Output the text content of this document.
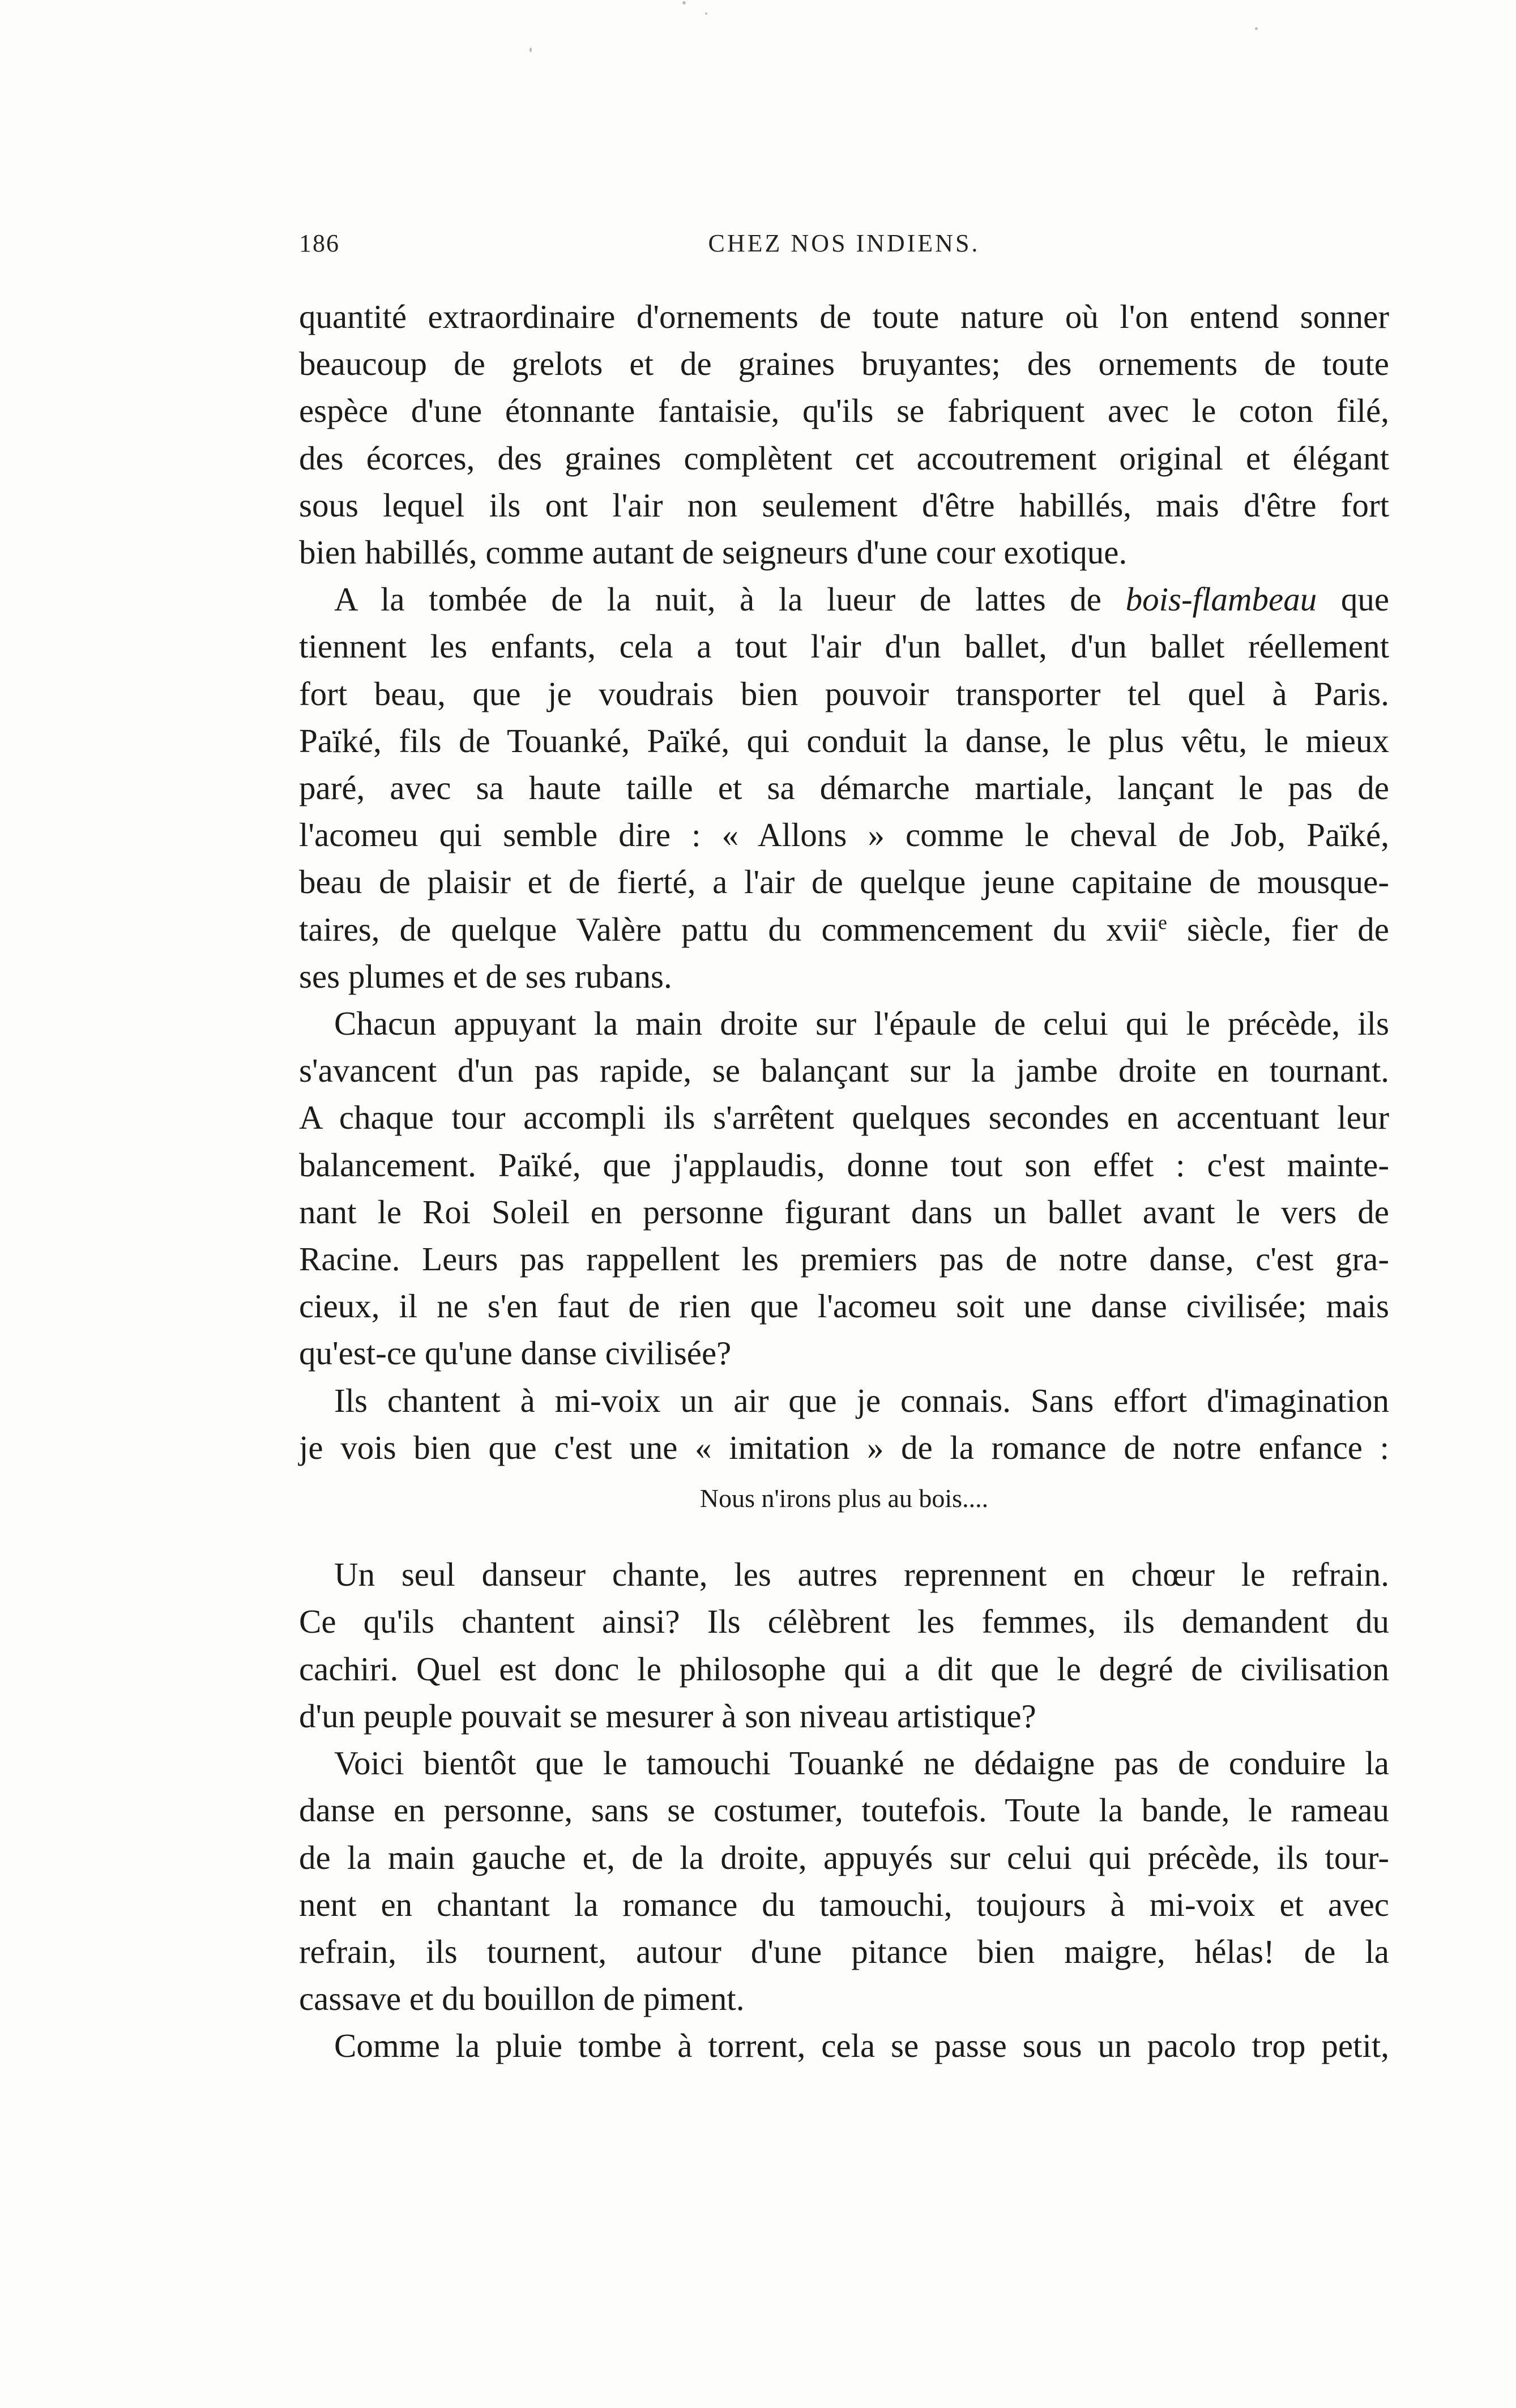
186	CHEZ NOS INDIENS.

quantité extraordinaire d'ornements de toute nature où l'on entend sonner
beaucoup de grelots et de graines bruyantes; des ornements de toute
espèce d'une étonnante fantaisie, qu'ils se fabriquent avec le coton filé,
des écorces, des graines complètent cet accoutrement original et élégant
sous lequel ils ont l'air non seulement d'être habillés, mais d'être fort

bien habillés, comme autant de seigneurs d'une cour exotique.

A la tombée de la nuit, à la lueur de lattes de bois-flambeau que

tiennent les enfants, cela a tout l'air d'un ballet, d'un ballet réellement
fort beau, que je voudrais bien pouvoir transporter tel quel à Paris.
Païké, fils de Touanké, Païké, qui conduit la danse, le plus vêtu, le mieux
paré, avec sa haute taille et sa démarche martiale, lançant le pas de
l'acomeu qui semble dire : « Allons » comme le cheval de Job, Païké,
beau de plaisir et de fierté, a l'air de quelque jeune capitaine de mousque-

taires, de quelque Valère pattu du commencement du xvii$^e$ siècle, fier de

ses plumes et de ses rubans.

Chacun appuyant la main droite sur l'épaule de celui qui le précède, ils

s'avancent d'un pas rapide, se balançant sur la jambe droite en tournant.
A chaque tour accompli ils s'arrêtent quelques secondes en accentuant leur
balancement. Païké, que j'applaudis, donne tout son effet : c'est mainte-
nant le Roi Soleil en personne figurant dans un ballet avant le vers de
Racine. Leurs pas rappellent les premiers pas de notre danse, c'est gra-
cieux, il ne s'en faut de rien que l'acomeu soit une danse civilisée; mais

qu'est-ce qu'une danse civilisée?

Ils chantent à mi-voix un air que je connais. Sans effort d'imagination

je vois bien que c'est une « imitation » de la romance de notre enfance :

Nous n'irons plus au bois....

Un seul danseur chante, les autres reprennent en chœur le refrain.

Ce qu'ils chantent ainsi? Ils célèbrent les femmes, ils demandent du
cachiri. Quel est donc le philosophe qui a dit que le degré de civilisation

d'un peuple pouvait se mesurer à son niveau artistique?

Voici bientôt que le tamouchi Touanké ne dédaigne pas de conduire la

danse en personne, sans se costumer, toutefois. Toute la bande, le rameau
de la main gauche et, de la droite, appuyés sur celui qui précède, ils tour-
nent en chantant la romance du tamouchi, toujours à mi-voix et avec
refrain, ils tournent, autour d'une pitance bien maigre, hélas! de la

cassave et du bouillon de piment.

Comme la pluie tombe à torrent, cela se passe sous un pacolo trop petit,
